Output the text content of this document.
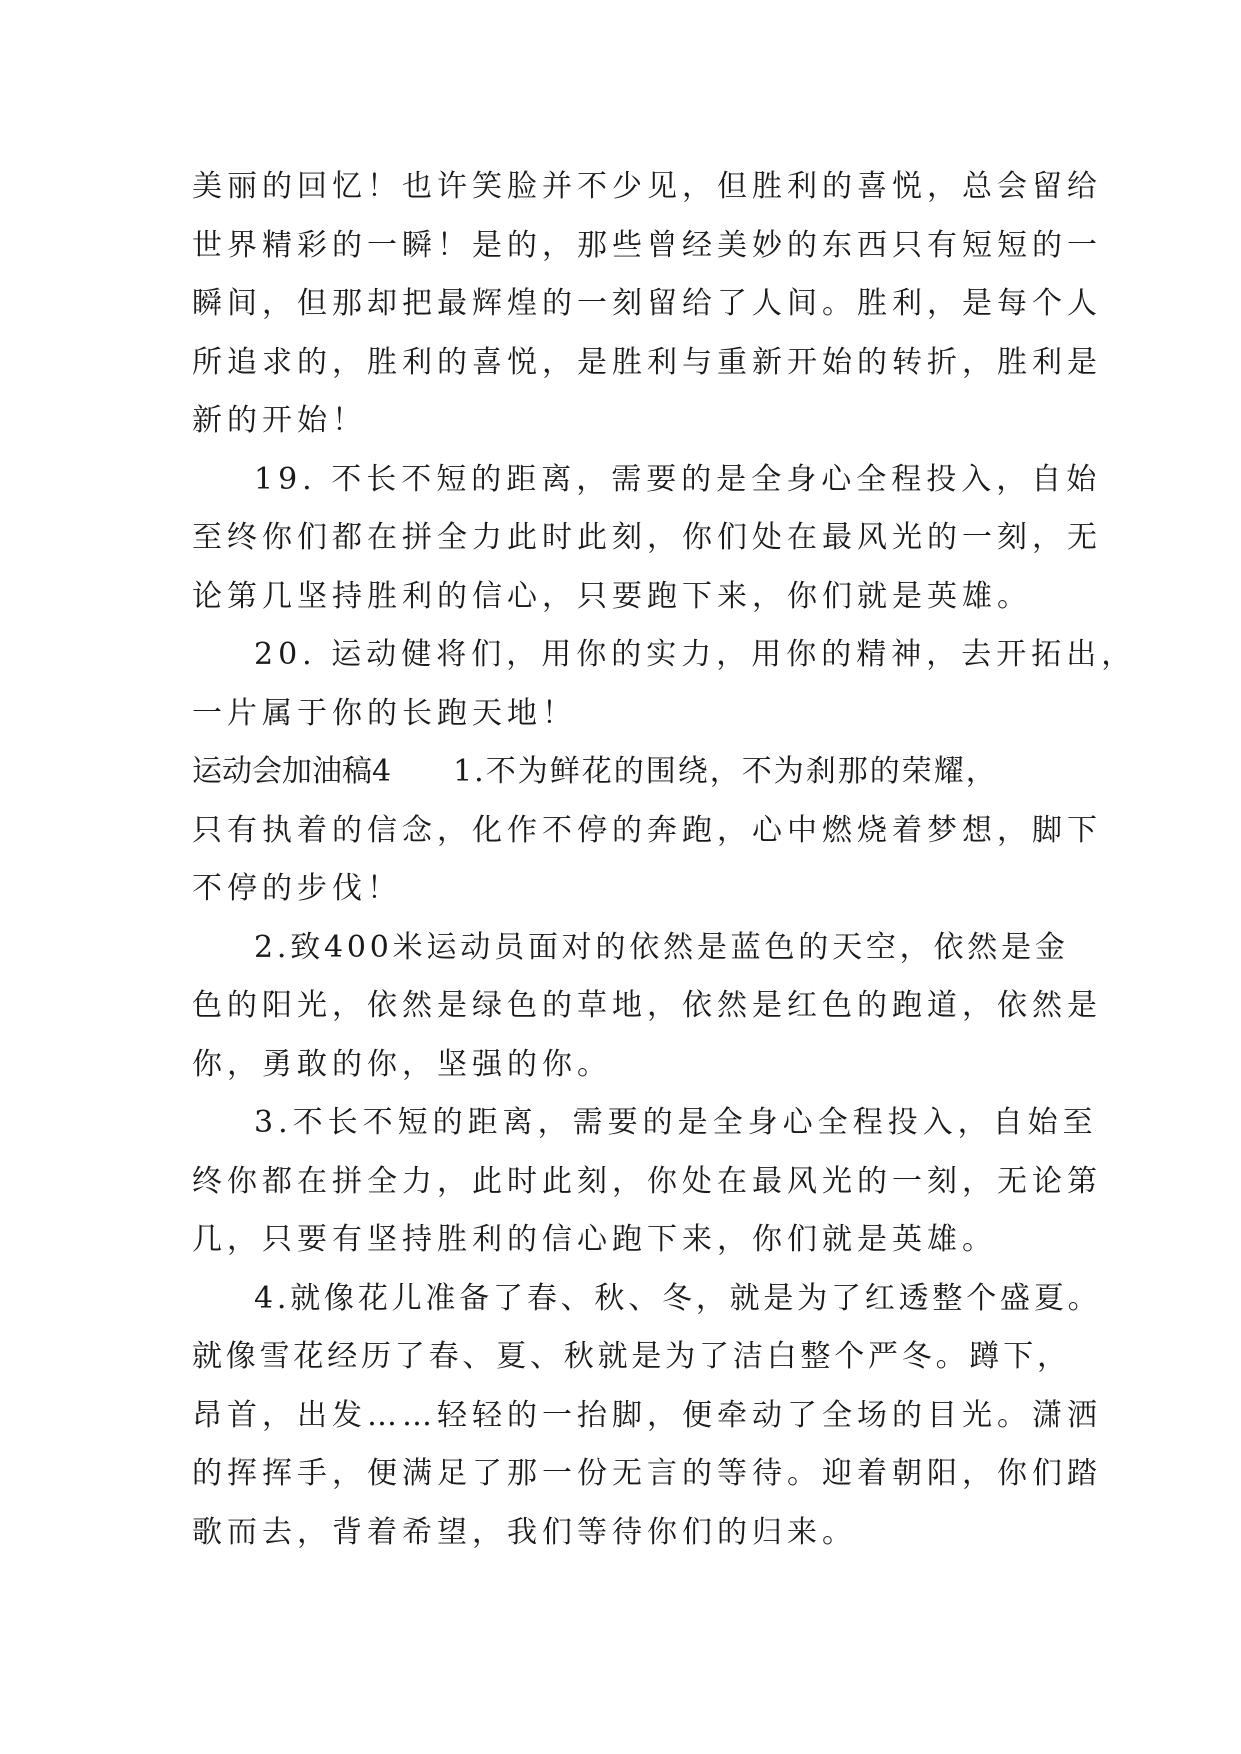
美丽的回忆！也许笑脸并不少见，但胜利的喜悦，总会留给
世界精彩的一瞬！是的，那些曾经美妙的东西只有短短的一
瞬间，但那却把最辉煌的一刻留给了人间。胜利，是每个人
所追求的，胜利的喜悦，是胜利与重新开始的转折，胜利是
新的开始！
19. 不长不短的距离，需要的是全身心全程投入，自始
至终你们都在拼全力此时此刻，你们处在最风光的一刻，无
论第几坚持胜利的信心，只要跑下来，你们就是英雄。
20. 运动健将们，用你的实力，用你的精神，去开拓出，
一片属于你的长跑天地！
运动会加油稿4 1.不为鲜花的围绕，不为刹那的荣耀，
只有执着的信念，化作不停的奔跑，心中燃烧着梦想，脚下
不停的步伐！
2.致400米运动员面对的依然是蓝色的天空，依然是金
色的阳光，依然是绿色的草地，依然是红色的跑道，依然是
你，勇敢的你，坚强的你。
3.不长不短的距离，需要的是全身心全程投入，自始至
终你都在拼全力，此时此刻，你处在最风光的一刻，无论第
几，只要有坚持胜利的信心跑下来，你们就是英雄。
4.就像花儿准备了春、秋、冬，就是为了红透整个盛夏。
就像雪花经历了春、夏、秋就是为了洁白整个严冬。蹲下，
昂首，出发……轻轻的一抬脚，便牵动了全场的目光。潇洒
的挥挥手，便满足了那一份无言的等待。迎着朝阳，你们踏
歌而去，背着希望，我们等待你们的归来。
